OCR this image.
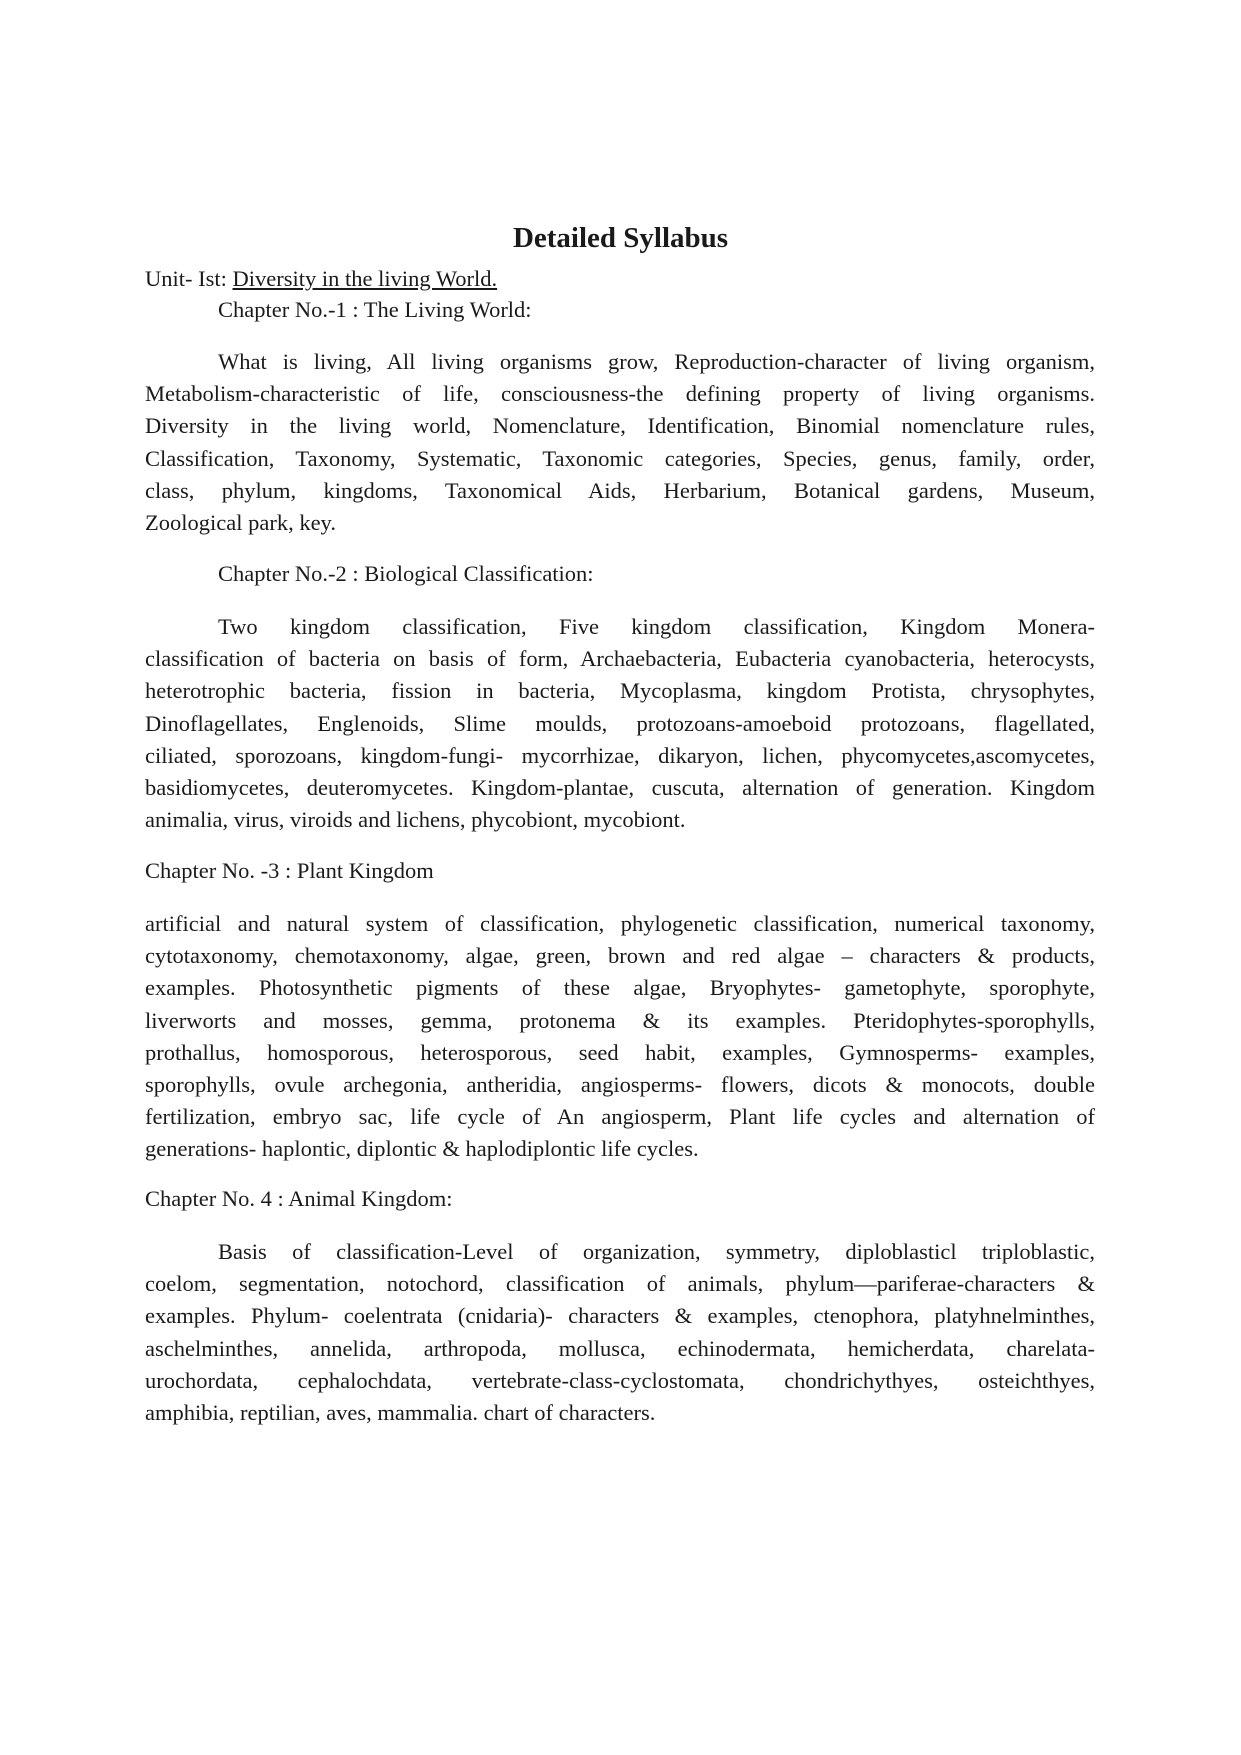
Detailed Syllabus
Unit- Ist: Diversity in the living World.
Chapter No.-1 : The Living World:
What is living, All living organisms grow, Reproduction-character of living organism,
Metabolism-characteristic of life, consciousness-the defining property of living organisms.
Diversity in the living world, Nomenclature, Identification, Binomial nomenclature rules,
Classification, Taxonomy, Systematic, Taxonomic categories, Species, genus, family, order,
class, phylum, kingdoms, Taxonomical Aids, Herbarium, Botanical gardens, Museum,
Zoological park, key.
Chapter No.-2 : Biological Classification:
Two kingdom classification, Five kingdom classification, Kingdom Monera-
classification of bacteria on basis of form, Archaebacteria, Eubacteria cyanobacteria, heterocysts,
heterotrophic bacteria, fission in bacteria, Mycoplasma, kingdom Protista, chrysophytes,
Dinoflagellates, Englenoids, Slime moulds, protozoans-amoeboid protozoans, flagellated,
ciliated, sporozoans, kingdom-fungi- mycorrhizae, dikaryon, lichen, phycomycetes,ascomycetes,
basidiomycetes, deuteromycetes. Kingdom-plantae, cuscuta, alternation of generation. Kingdom
animalia, virus, viroids and lichens, phycobiont, mycobiont.
Chapter No. -3 : Plant Kingdom
artificial and natural system of classification, phylogenetic classification, numerical taxonomy,
cytotaxonomy, chemotaxonomy, algae, green, brown and red algae – characters & products,
examples. Photosynthetic pigments of these algae, Bryophytes- gametophyte, sporophyte,
liverworts and mosses, gemma, protonema & its examples. Pteridophytes-sporophylls,
prothallus, homosporous, heterosporous, seed habit, examples, Gymnosperms- examples,
sporophylls, ovule archegonia, antheridia, angiosperms- flowers, dicots & monocots, double
fertilization, embryo sac, life cycle of An angiosperm, Plant life cycles and alternation of
generations- haplontic, diplontic & haplodiplontic life cycles.
Chapter No. 4 : Animal Kingdom:
Basis of classification-Level of organization, symmetry, diploblasticl triploblastic,
coelom, segmentation, notochord, classification of animals, phylum—pariferae-characters &
examples. Phylum- coelentrata (cnidaria)- characters & examples, ctenophora, platyhnelminthes,
aschelminthes, annelida, arthropoda, mollusca, echinodermata, hemicherdata, charelata-
urochordata, cephalochdata, vertebrate-class-cyclostomata, chondrichythyes, osteichthyes,
amphibia, reptilian, aves, mammalia. chart of characters.
